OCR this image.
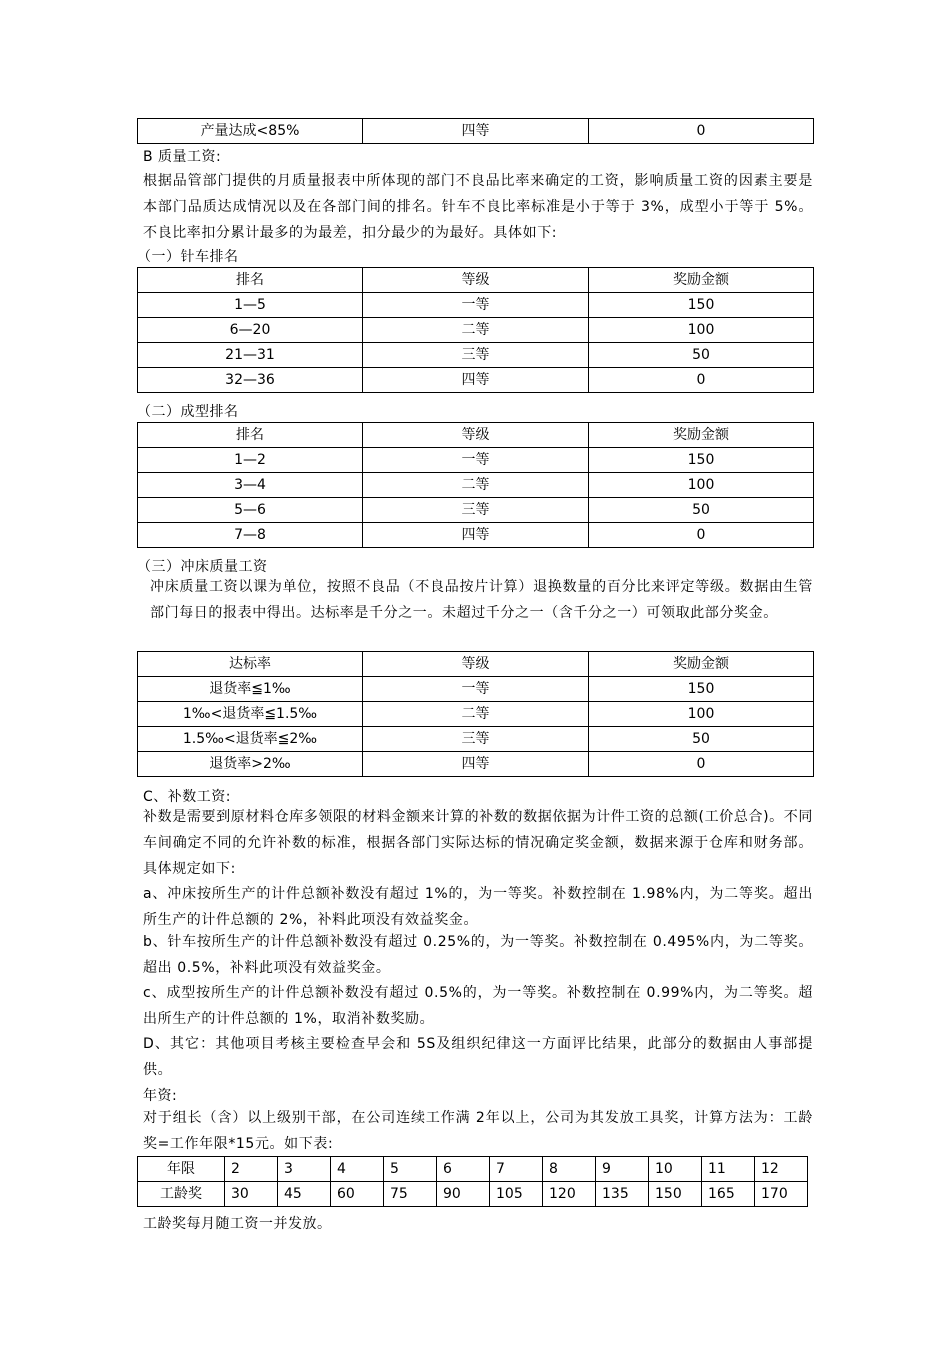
产量达成<85%	四等	0
B 质量工资:
根据品管部门提供的月质量报表中所体现的部门不良品比率来确定的工资，影响质量工资的因素主要是本部门品质达成情况以及在各部门间的排名。针车不良比率标准是小于等于 3%，成型小于等于 5%。不良比率扣分累计最多的为最差，扣分最少的为最好。具体如下:
（一）针车排名
排名	等级	奖励金额
1—5	一等	150
6—20	二等	100
21—31	三等	50
32—36	四等	0
（二）成型排名
排名	等级	奖励金额
1—2	一等	150
3—4	二等	100
5—6	三等	50
7—8	四等	0
（三）冲床质量工资
冲床质量工资以课为单位，按照不良品（不良品按片计算）退换数量的百分比来评定等级。数据由生管部门每日的报表中得出。达标率是千分之一。未超过千分之一（含千分之一）可领取此部分奖金。
达标率	等级	奖励金额
退货率≦1‰	一等	150
1‰<退货率≦1.5‰	二等	100
1.5‰<退货率≦2‰	三等	50
退货率>2‰	四等	0
C、补数工资:
补数是需要到原材料仓库多领限的材料金额来计算的补数的数据依据为计件工资的总额(工价总合)。不同车间确定不同的允许补数的标准，根据各部门实际达标的情况确定奖金额，数据来源于仓库和财务部。具体规定如下:
a、冲床按所生产的计件总额补数没有超过 1%的，为一等奖。补数控制在 1.98%内，为二等奖。超出所生产的计件总额的 2%，补料此项没有效益奖金。
b、针车按所生产的计件总额补数没有超过 0.25%的，为一等奖。补数控制在 0.495%内，为二等奖。超出 0.5%，补料此项没有效益奖金。
c、成型按所生产的计件总额补数没有超过 0.5%的，为一等奖。补数控制在 0.99%内，为二等奖。超出所生产的计件总额的 1%，取消补数奖励。
D、其它：其他项目考核主要检查早会和 5S及组织纪律这一方面评比结果，此部分的数据由人事部提供。
年资:
对于组长（含）以上级别干部，在公司连续工作满 2年以上，公司为其发放工具奖，计算方法为：工龄奖=工作年限*15元。如下表:
年限	2	3	4	5	6	7	8	9	10	11	12
工龄奖	30	45	60	75	90	105	120	135	150	165	170
工龄奖每月随工资一并发放。
